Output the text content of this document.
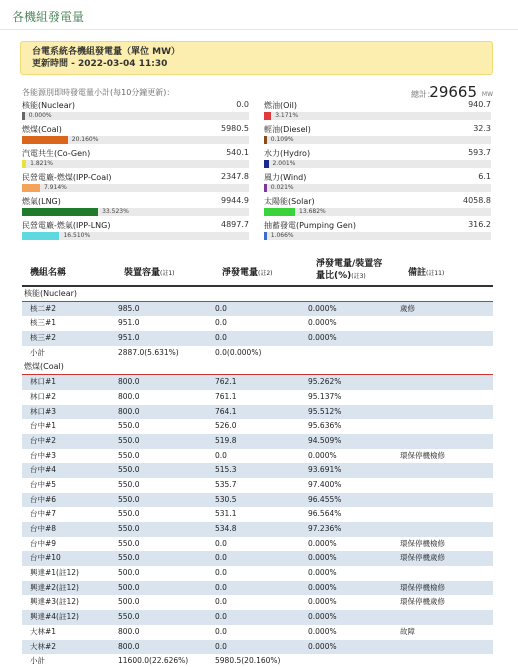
各機組發電量
台電系統各機組發電量（單位 MW）
更新時間 - 2022-03-04 11:30
各能源別即時發電量小計(每10分鐘更新)：	總計：
29665 MW
核能(Nuclear)	0.0
0.000%
燃油(Oil)	940.7
3.171%
燃煤(Coal)	5980.5
20.160%
輕油(Diesel)	32.3
0.109%
汽電共生(Co-Gen)	540.1
1.821%
水力(Hydro)	593.7
2.001%
民營電廠-燃煤(IPP-Coal)	2347.8
7.914%
風力(Wind)	6.1
0.021%
燃氣(LNG)	9944.9
33.523%
太陽能(Solar)	4058.8
13.682%
民營電廠-燃氣(IPP-LNG)	4897.7
16.510%
抽蓄發電(Pumping Gen)	316.2
1.066%
機組名稱	裝置容量(註1)	淨發電量(註2)
淨發電量/裝置容
量比(%)(註3)	備註(註11)
核能(Nuclear)
核二#2	985.0	0.0	0.000%	歲修
核三#1	951.0	0.0	0.000%
核三#2	951.0	0.0	0.000%
小計	2887.0(5.631%)	0.0(0.000%)
燃煤(Coal)
林口#1	800.0	762.1	95.262%
林口#2	800.0	761.1	95.137%
林口#3	800.0	764.1	95.512%
台中#1	550.0	526.0	95.636%
台中#2	550.0	519.8	94.509%
台中#3	550.0	0.0	0.000%	環保停機檢修
台中#4	550.0	515.3	93.691%
台中#5	550.0	535.7	97.400%
台中#6	550.0	530.5	96.455%
台中#7	550.0	531.1	96.564%
台中#8	550.0	534.8	97.236%
台中#9	550.0	0.0	0.000%	環保停機檢修
台中#10	550.0	0.0	0.000%	環保停機歲修
興達#1(註12)	500.0	0.0	0.000%
興達#2(註12)	500.0	0.0	0.000%	環保停機檢修
興達#3(註12)	500.0	0.0	0.000%	環保停機歲修
興達#4(註12)	550.0	0.0	0.000%
大林#1	800.0	0.0	0.000%	故障
大林#2	800.0	0.0	0.000%
小計	11600.0(22.626%)	5980.5(20.160%)
